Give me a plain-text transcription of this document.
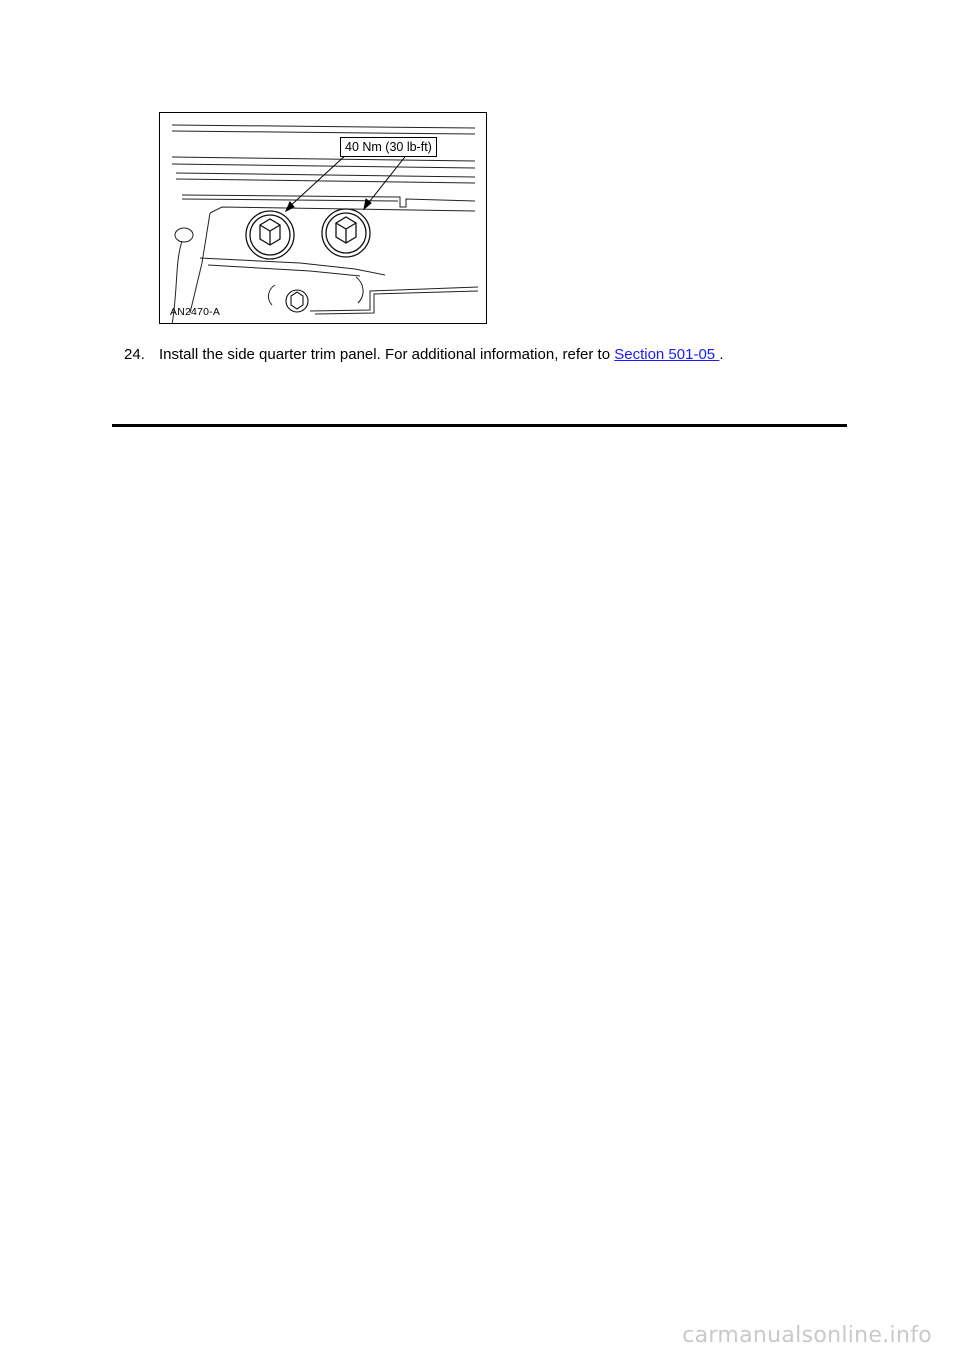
40 Nm (30 lb-ft)
AN2470-A
24. Install the side quarter trim panel. For additional information, refer to Section 501-05 .
carmanualsonline.info
